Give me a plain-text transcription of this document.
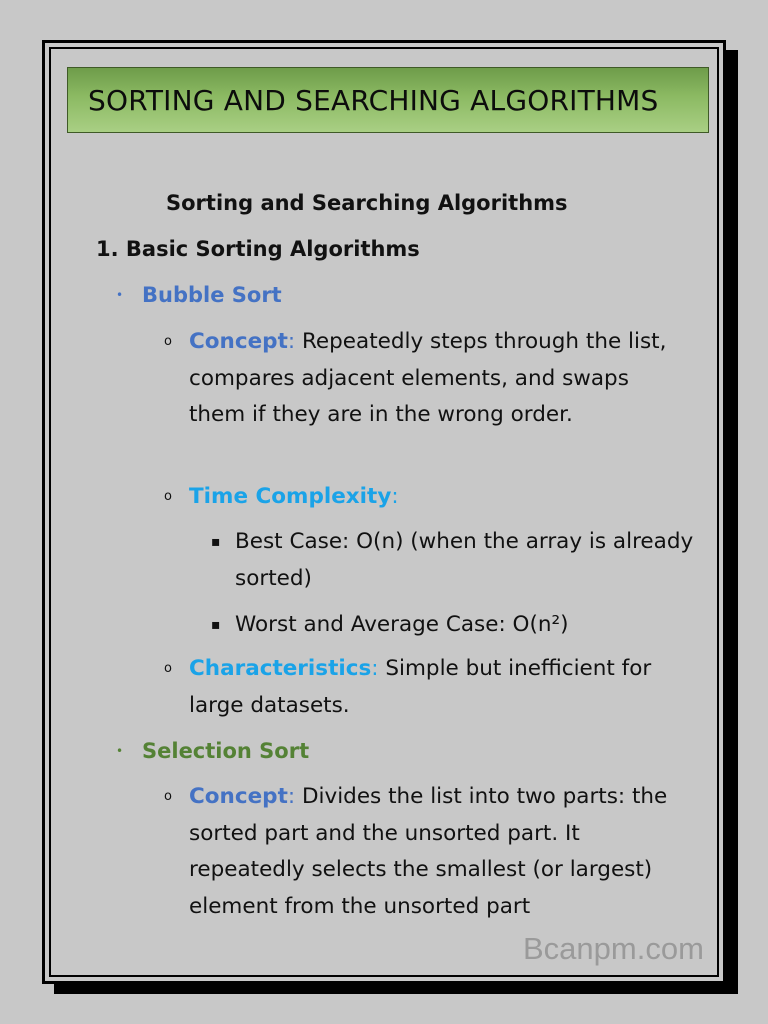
SORTING AND SEARCHING ALGORITHMS
Sorting and Searching Algorithms
1. Basic Sorting Algorithms
• Bubble Sort
o Concept: Repeatedly steps through the list, compares adjacent elements, and swaps them if they are in the wrong order.
o Time Complexity:
▪ Best Case: O(n) (when the array is already sorted)
▪ Worst and Average Case: O(n²)
o Characteristics: Simple but inefficient for large datasets.
• Selection Sort
o Concept: Divides the list into two parts: the sorted part and the unsorted part. It repeatedly selects the smallest (or largest) element from the unsorted part
Bcanpm.com
